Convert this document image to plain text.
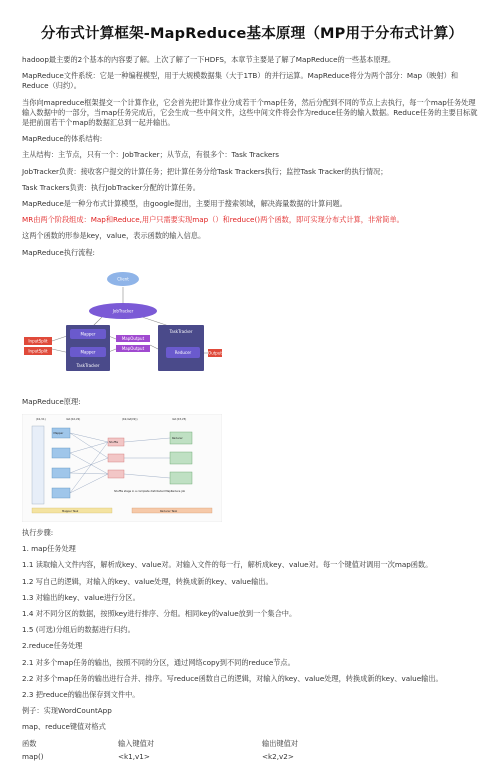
分布式计算框架-MapReduce基本原理（MP用于分布式计算）

hadoop最主要的2个基本的内容要了解。上次了解了一下HDFS，本章节主要是了解了MapReduce的一些基本原理。

MapReduce文件系统：它是一种编程模型，用于大规模数据集（大于1TB）的并行运算。MapReduce将分为两个部分：Map（映射）和Reduce（归约）。

当你向mapreduce框架提交一个计算作业，它会首先把计算作业分成若干个map任务，然后分配到不同的节点上去执行，每一个map任务处理输入数据中的一部分，当map任务完成后，它会生成一些中间文件，这些中间文件将会作为reduce任务的输入数据。Reduce任务的主要目标就是把前面若干个map的数据汇总到一起并输出。

MapReduce的体系结构:

主从结构：主节点，只有一个：JobTracker；从节点，有很多个：Task Trackers

JobTracker负责：接收客户提交的计算任务；把计算任务分给Task Trackers执行；监控Task Tracker的执行情况；

Task Trackers负责：执行JobTracker分配的计算任务。

MapReduce是一种分布式计算模型，由google提出，主要用于搜索领域，解决海量数据的计算问题。

MR由两个阶段组成：Map和Reduce,用户只需要实现map（）和reduce()两个函数，即可实现分布式计算，非常简单。

这两个函数的形参是key，value，表示函数的输入信息。

MapReduce执行流程:

Client
JobTracker
InputSplit
InputSplit
Mapper
Mapper
TaskTracker
MapOutput
MapOutput
TaskTracker
Reducer	Output

MapReduce原理:

(K1,V1)	list (K2,V2)	(K2,list(V2))	list (K3,V3)
Mapper
Shuffle
Reducer
Shuffle stage in a complete distributed MapReduce job
Mapper Task	Reducer Task

执行步骤:

1. map任务处理

1.1 读取输入文件内容，解析成key、value对。对输入文件的每一行，解析成key、value对。每一个键值对调用一次map函数。

1.2 写自己的逻辑，对输入的key、value处理，转换成新的key、value输出。

1.3 对输出的key、value进行分区。

1.4 对不同分区的数据，按照key进行排序、分组。相同key的value放到一个集合中。

1.5 (可选)分组后的数据进行归约。

2.reduce任务处理

2.1 对多个map任务的输出，按照不同的分区，通过网络copy到不同的reduce节点。

2.2 对多个map任务的输出进行合并、排序。写reduce函数自己的逻辑，对输入的key、value处理，转换成新的key、value输出。

2.3 把reduce的输出保存到文件中。

例子：实现WordCountApp

map、reduce键值对格式

函数	输入键值对	输出键值对
map()	<k1,v1>	<k2,v2>
